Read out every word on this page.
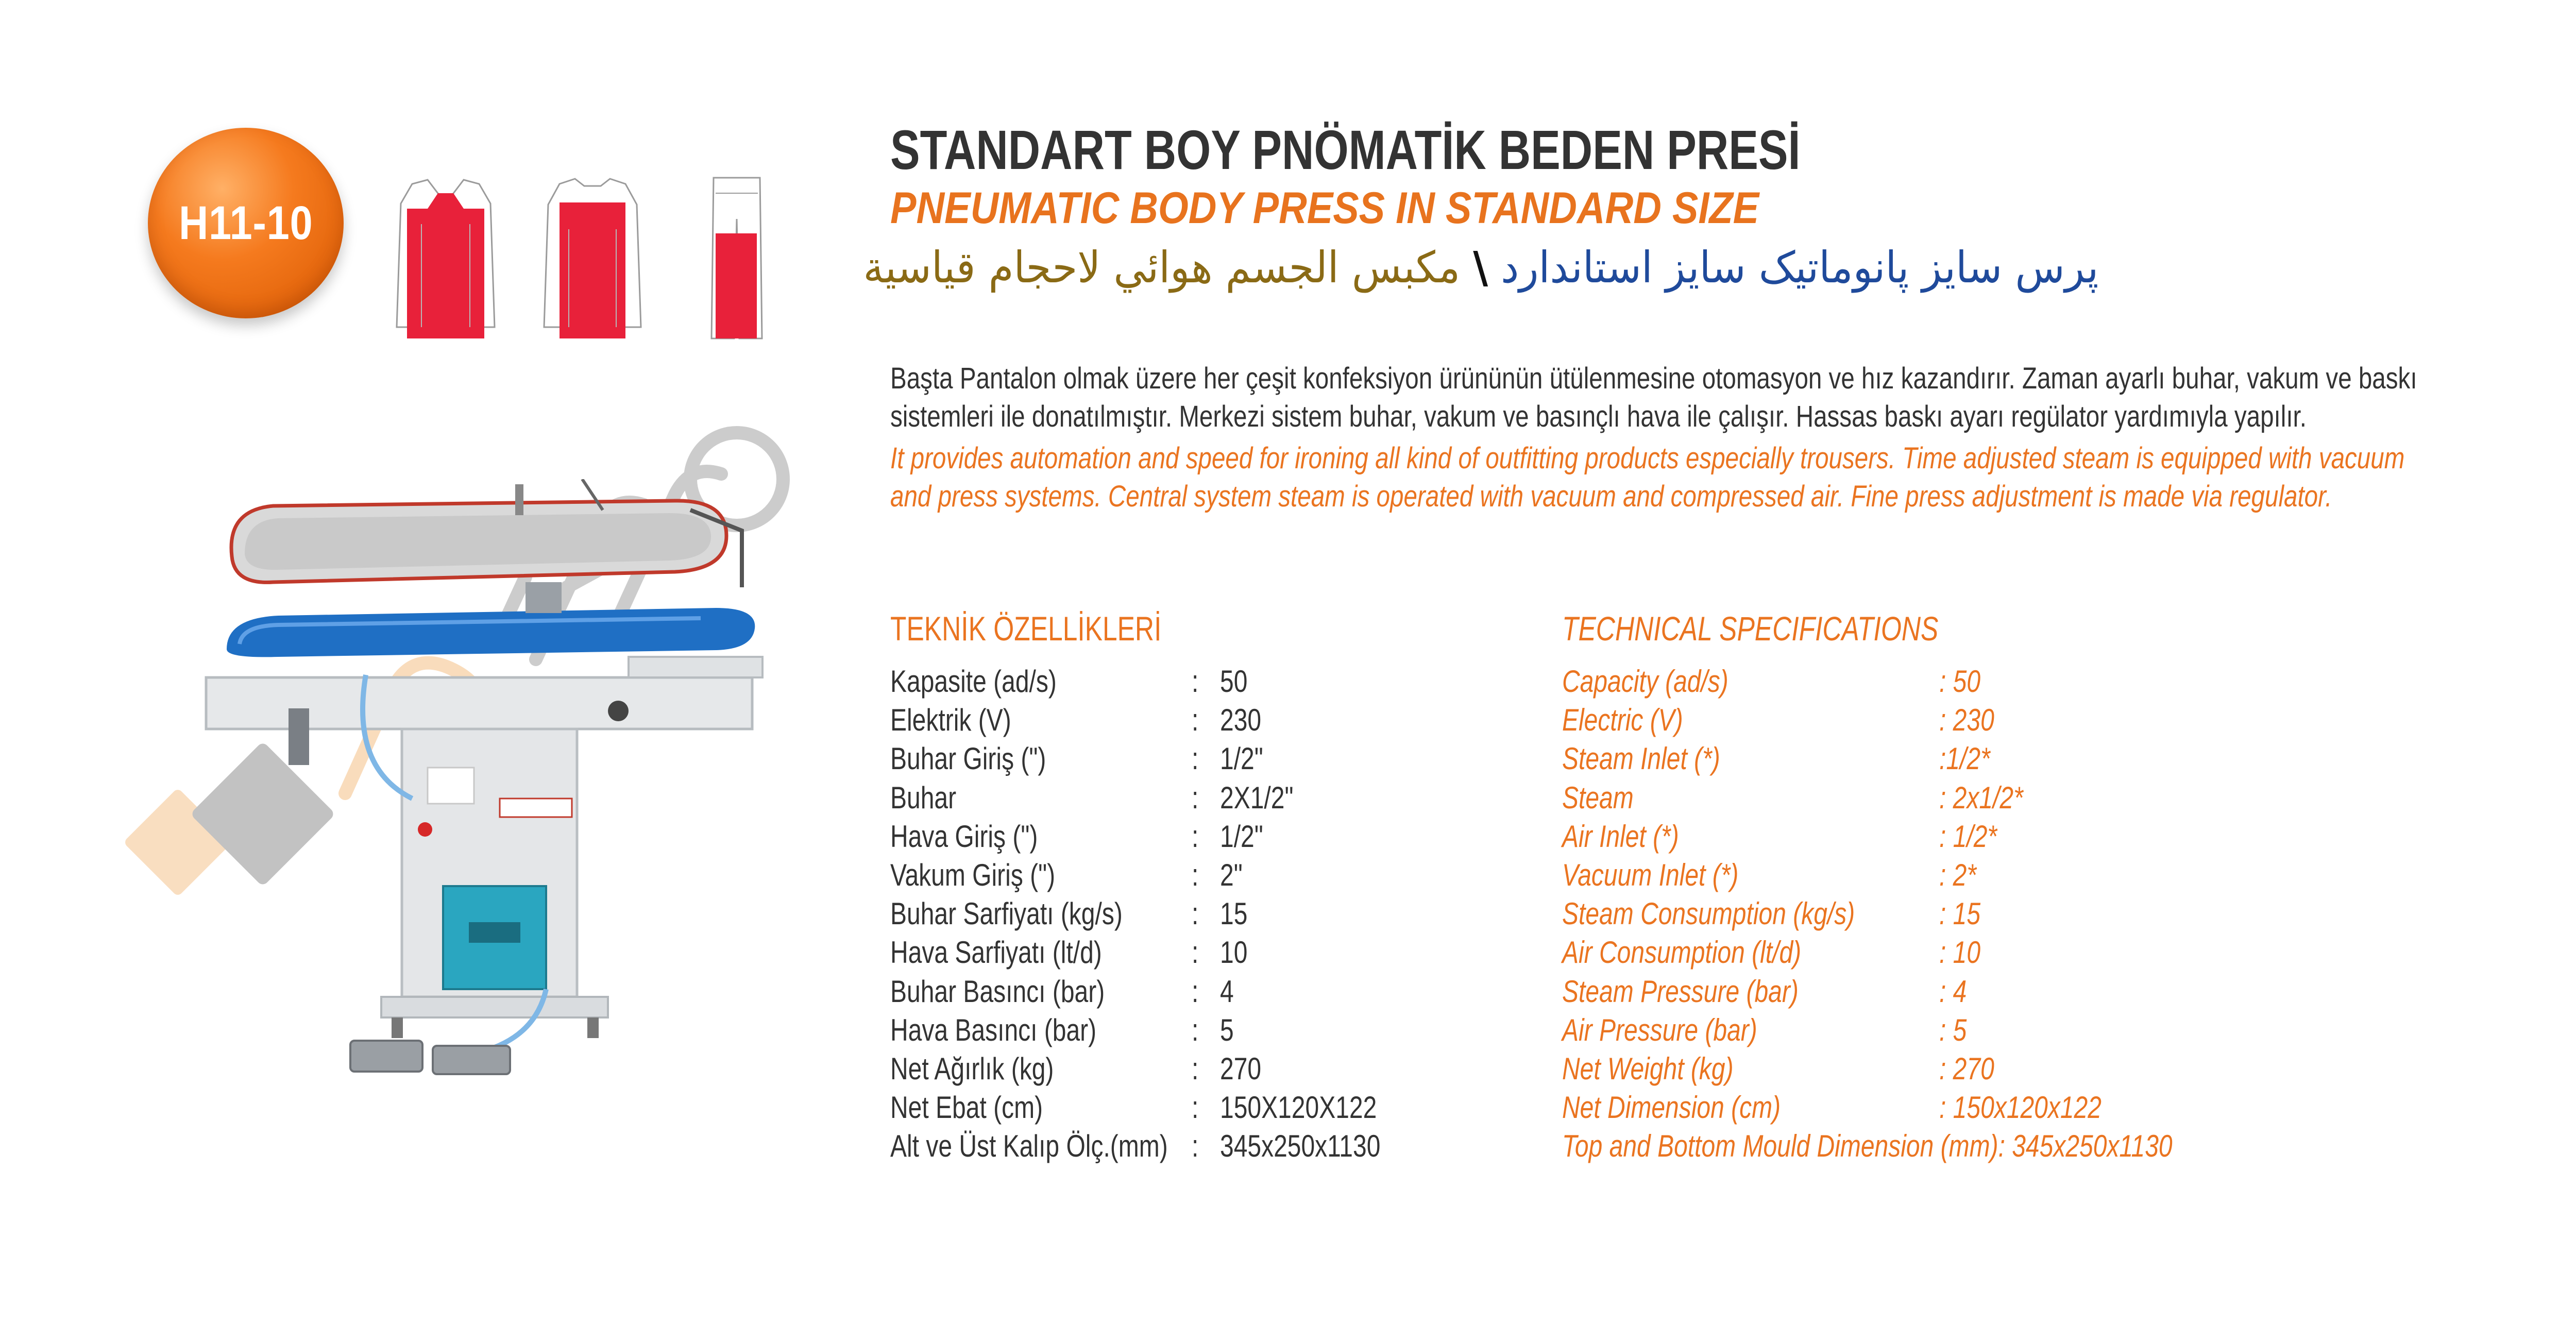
H11-10
STANDART BOY PNÖMATİK BEDEN PRESİ
PNEUMATIC BODY PRESS IN STANDARD SIZE
پرس سایز پانوماتیک سایز استاندارد \ مكبس الجسم هوائي لاحجام قياسية
Başta Pantalon olmak üzere her çeşit konfeksiyon ürününün ütülenmesine otomasyon ve hız kazandırır. Zaman ayarlı buhar, vakum ve baskı
sistemleri ile donatılmıştır. Merkezi sistem buhar, vakum ve basınçlı hava ile çalışır. Hassas baskı ayarı regülator yardımıyla yapılır.
It provides automation and speed for ironing all kind of outfitting products especially trousers. Time adjusted steam is equipped with vacuum
and press systems. Central system steam is operated with vacuum and compressed air. Fine press adjustment is made via regulator.
TEKNİK ÖZELLİKLERİ	TECHNICAL SPECIFICATIONS
Kapasite (ad/s)	: 50
Elektrik (V)	: 230
Buhar Giriş (")	: 1/2"
Buhar	: 2X1/2"
Hava Giriş (")	: 1/2"
Vakum Giriş (")	: 2"
Buhar Sarfiyatı (kg/s) : 15
Hava Sarfiyatı (lt/d)	: 10
Buhar Basıncı (bar)	: 4
Hava Basıncı (bar)	: 5
Net Ağırlık (kg)	: 270
Net Ebat (cm)	: 150X120X122
Alt ve Üst Kalıp Ölç.(mm) : 345x250x1130
Capacity (ad/s)	: 50
Electric (V)	: 230
Steam Inlet (*)	:1/2*
Steam	: 2x1/2*
Air Inlet (*)	: 1/2*
Vacuum Inlet (*)	: 2*
Steam Consumption (kg/s)	: 15
Air Consumption (lt/d)	: 10
Steam Pressure (bar)	: 4
Air Pressure (bar)	: 5
Net Weight (kg)	: 270
Net Dimension (cm)	: 150x120x122
Top and Bottom Mould Dimension (mm): 345x250x1130
